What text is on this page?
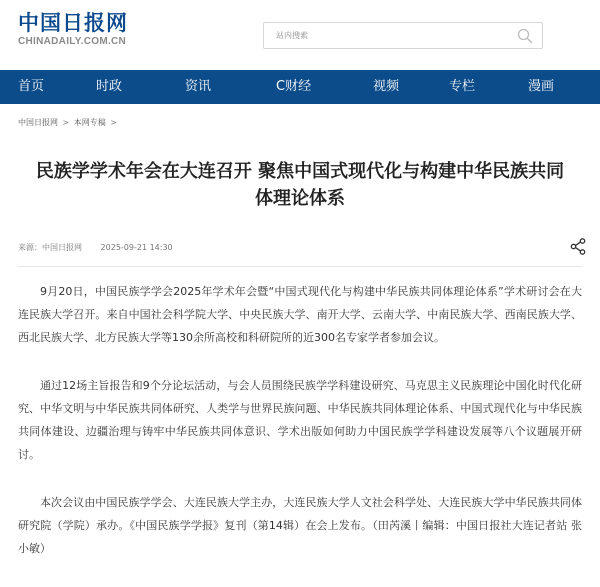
中国日报网
CHINADAILY.COM.CN
站内搜索
首页	时政	资讯	C财经	视频	专栏	漫画
中国日报网 > 本网专稿 >
民族学学术年会在大连召开 聚焦中国式现代化与构建中华民族共同体理论体系
来源：中国日报网 2025-09-21 14:30

9月20日，中国民族学学会2025年学术年会暨“中国式现代化与构建中华民族共同体理论体系”学术研讨会在大连民族大学召开。来自中国社会科学院大学、中央民族大学、南开大学、云南大学、中南民族大学、西南民族大学、西北民族大学、北方民族大学等130余所高校和科研院所的近300名专家学者参加会议。

通过12场主旨报告和9个分论坛活动，与会人员围绕民族学学科建设研究、马克思主义民族理论中国化时代化研究、中华文明与中华民族共同体研究、人类学与世界民族问题、中华民族共同体理论体系、中国式现代化与中华民族共同体建设、边疆治理与铸牢中华民族共同体意识、学术出版如何助力中国民族学学科建设发展等八个议题展开研讨。

本次会议由中国民族学学会、大连民族大学主办，大连民族大学人文社会科学处、大连民族大学中华民族共同体研究院（学院）承办。《中国民族学学报》复刊（第14辑）在会上发布。（田芮溪丨编辑：中国日报社大连记者站 张小敏）
